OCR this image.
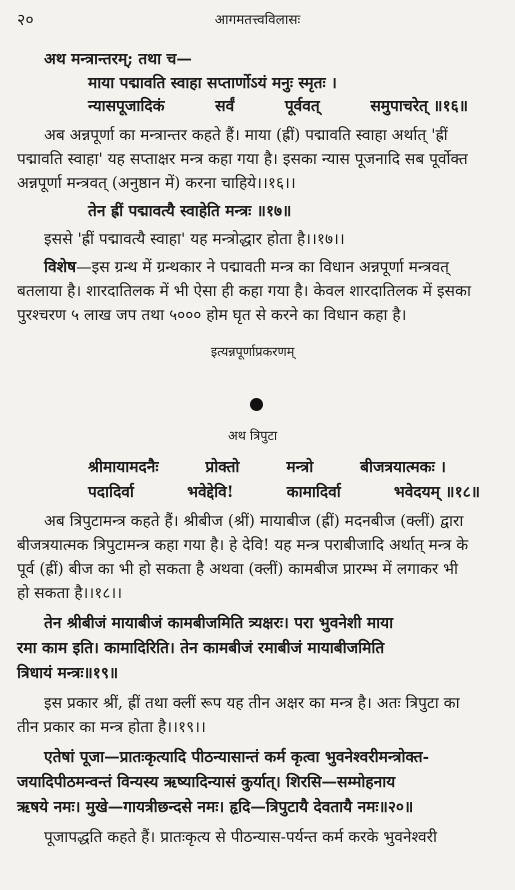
२०	आगमतत्त्वविलासः
अथ मन्त्रान्तरम्; तथा च—
माया पद्मावति स्वाहा सप्तार्णोऽयं मनुः स्मृतः ।
न्यासपूजादिकं	सर्वं	पूर्ववत्	समुपाचरेत् ॥१६॥
अब अन्नपूर्णा का मन्त्रान्तर कहते हैं। माया (ह्रीं) पद्मावति स्वाहा अर्थात् 'ह्रीं
पद्मावति स्वाहा' यह सप्ताक्षर मन्त्र कहा गया है। इसका न्यास पूजनादि सब पूर्वोक्त
अन्नपूर्णा मन्त्रवत् (अनुष्ठान में) करना चाहिये।।१६।।
तेन ह्रीं पद्मावत्यै स्वाहेति मन्त्रः ॥१७॥
इससे 'ह्रीं पद्मावत्यै स्वाहा' यह मन्त्रोद्धार होता है।।१७।।
विशेष—इस ग्रन्थ में ग्रन्थकार ने पद्मावती मन्त्र का विधान अन्नपूर्णा मन्त्रवत्
बतलाया है। शारदातिलक में भी ऐसा ही कहा गया है। केवल शारदातिलक में इसका
पुरश्चरण ५ लाख जप तथा ५००० होम घृत से करने का विधान कहा है।
इत्यन्नपूर्णाप्रकरणम्
अथ त्रिपुटा
श्रीमायामदनैः	प्रोक्तो	मन्त्रो	बीजत्रयात्मकः ।
पदादिर्वा	भवेद्देवि!	कामादिर्वा	भवेदयम् ॥१८॥
अब त्रिपुटामन्त्र कहते हैं। श्रीबीज (श्रीं) मायाबीज (ह्रीं) मदनबीज (क्लीं) द्वारा
बीजत्रयात्मक त्रिपुटामन्त्र कहा गया है। हे देवि! यह मन्त्र पराबीजादि अर्थात् मन्त्र के
पूर्व (ह्रीं) बीज का भी हो सकता है अथवा (क्लीं) कामबीज प्रारम्भ में लगाकर भी
हो सकता है।।१८।।
तेन श्रीबीजं मायाबीजं कामबीजमिति त्र्यक्षरः। परा भुवनेशी माया
रमा काम इति। कामादिरिति। तेन कामबीजं रमाबीजं मायाबीजमिति
त्रिधायं मन्त्रः॥१९॥
इस प्रकार श्रीं, ह्रीं तथा क्लीं रूप यह तीन अक्षर का मन्त्र है। अतः त्रिपुटा का
तीन प्रकार का मन्त्र होता है।।१९।।
एतेषां पूजा—प्रातःकृत्यादि पीठन्यासान्तं कर्म कृत्वा भुवनेश्वरीमन्त्रोक्त-
जयादिपीठमन्वन्तं विन्यस्य ऋष्यादिन्यासं कुर्यात्। शिरसि—सम्मोहनाय
ऋषये नमः। मुखे—गायत्रीछन्दसे नमः। हृदि—त्रिपुटायै देवतायै नमः॥२०॥
पूजापद्धति कहते हैं। प्रातःकृत्य से पीठन्यास-पर्यन्त कर्म करके भुवनेश्वरी
